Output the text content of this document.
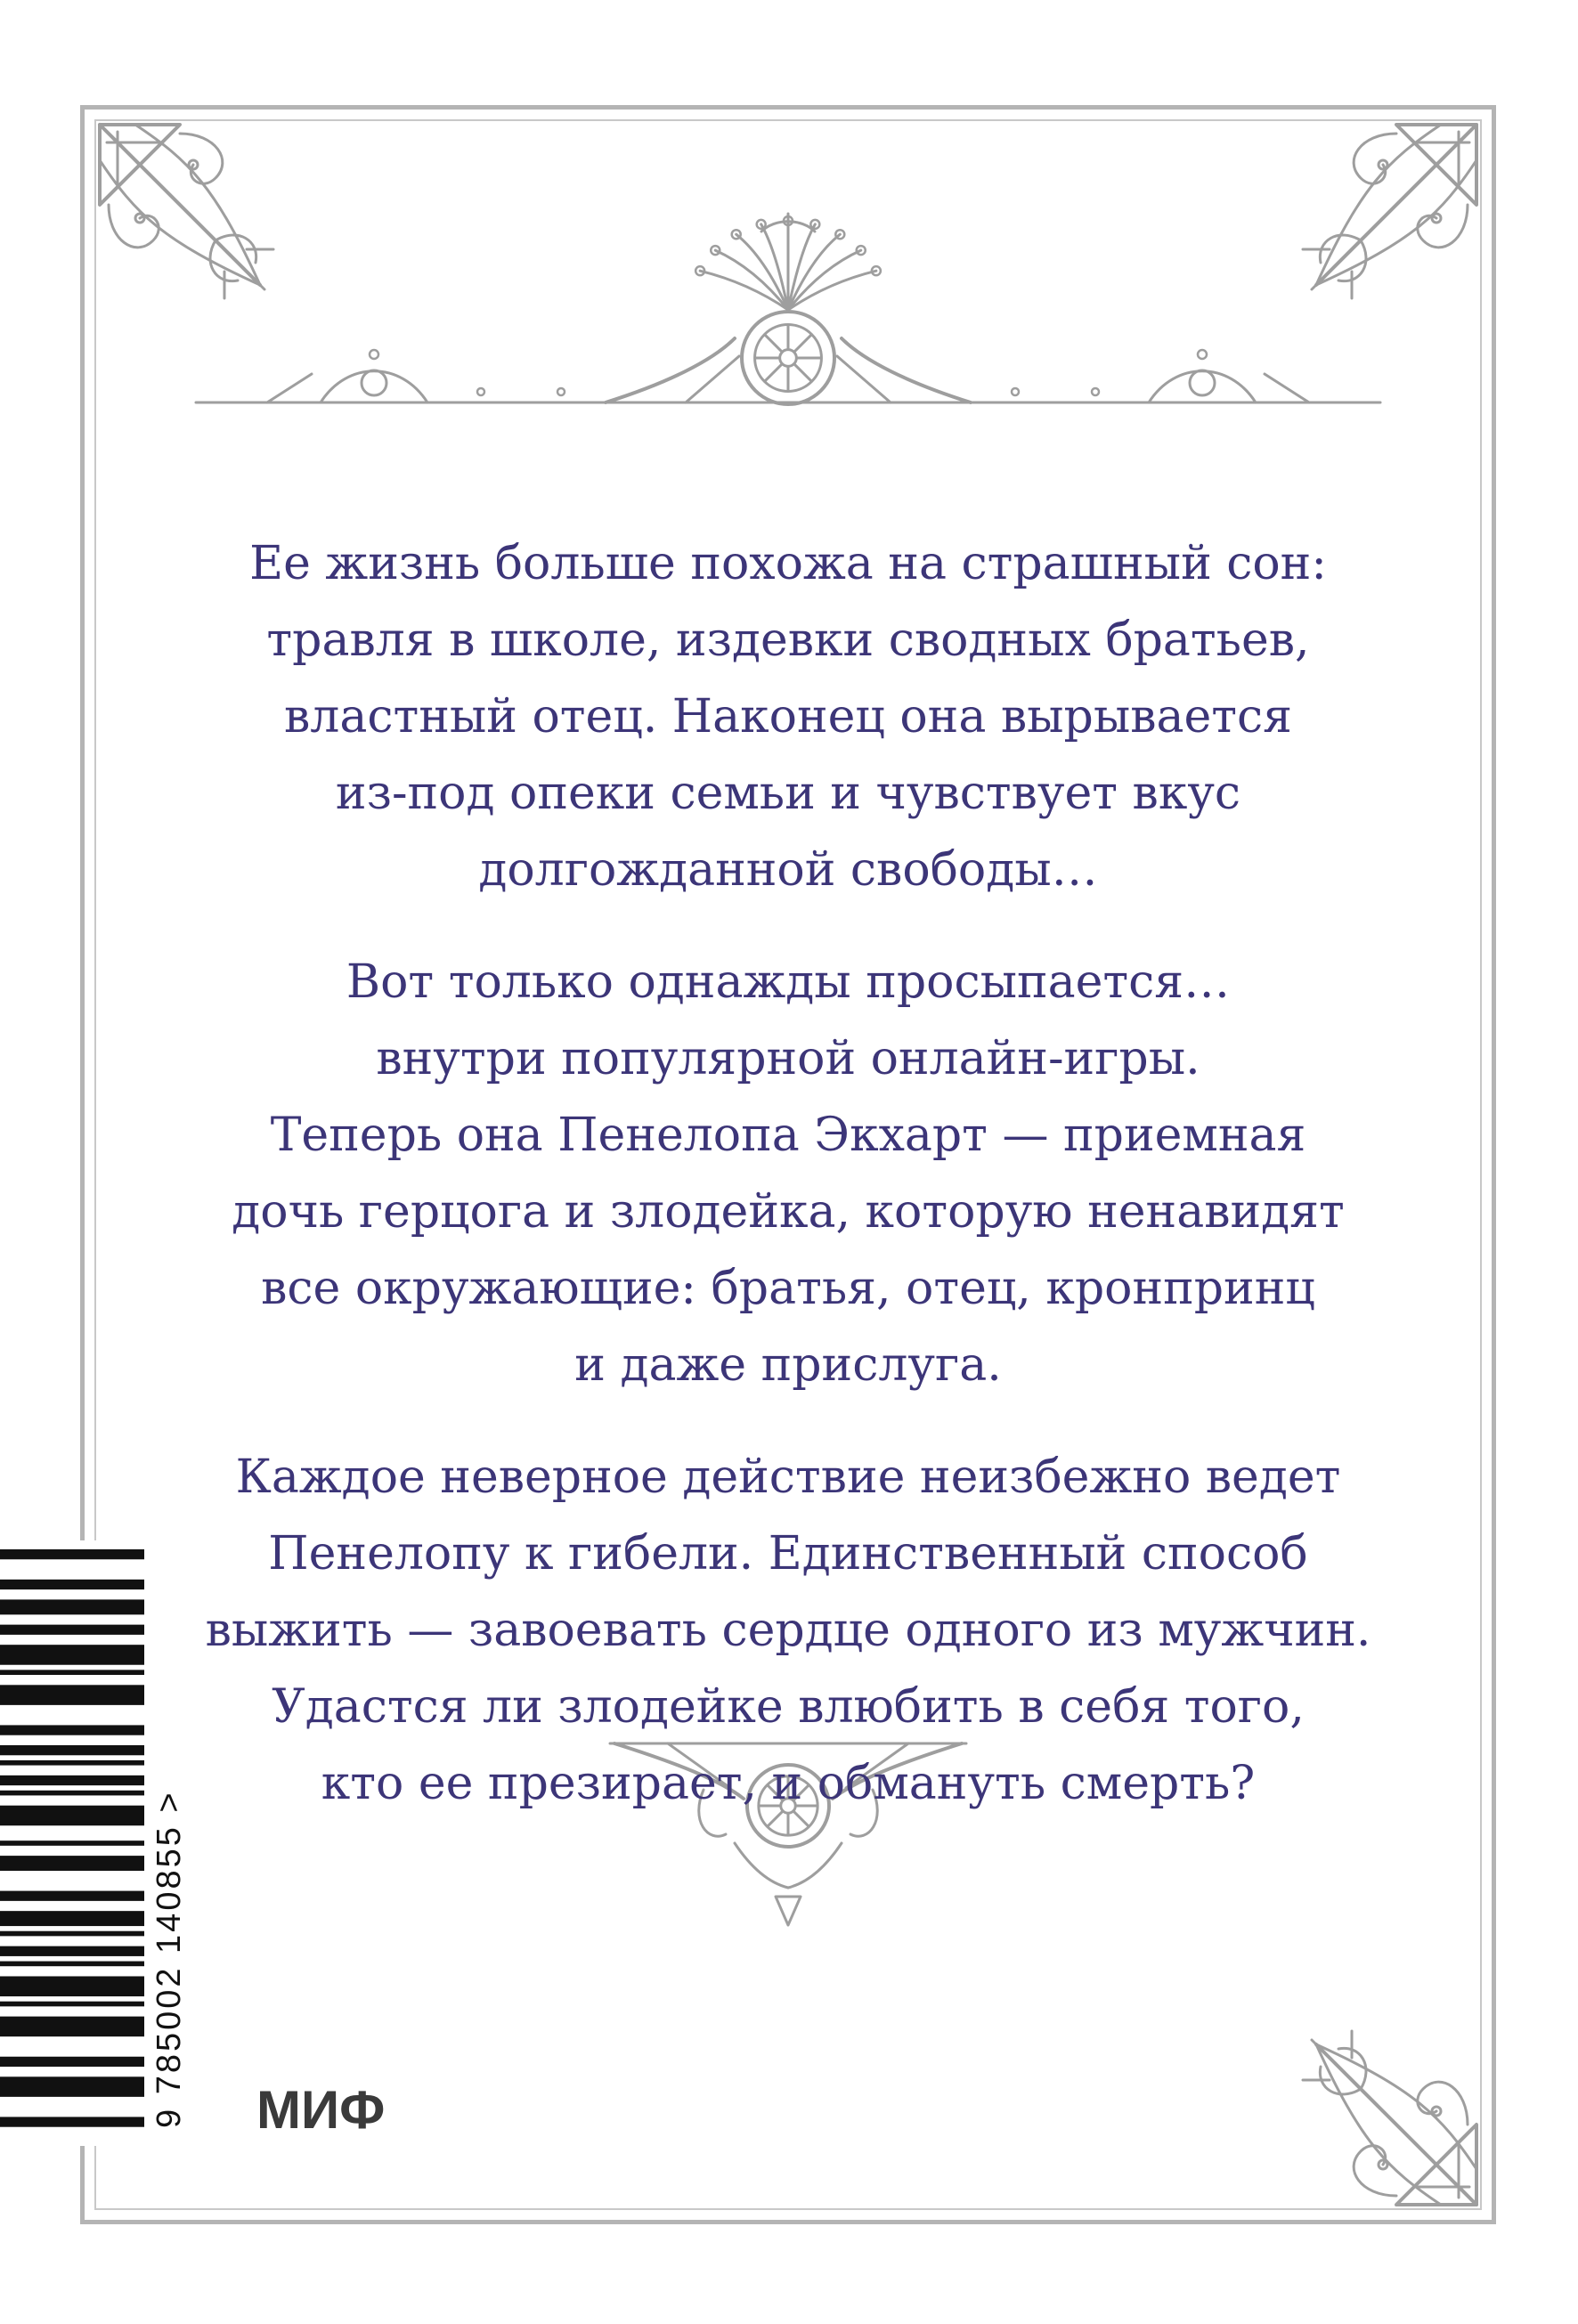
Ее жизнь больше похожа на страшный сон:
травля в школе, издевки сводных братьев,
властный отец. Наконец она вырывается
из-под опеки семьи и чувствует вкус
долгожданной свободы…

Вот только однажды просыпается…
внутри популярной онлайн-игры.
Теперь она Пенелопа Экхарт — приемная
дочь герцога и злодейка, которую ненавидят
все окружающие: братья, отец, кронпринц
и даже прислуга.

Каждое неверное действие неизбежно ведет
Пенелопу к гибели. Единственный способ
выжить — завоевать сердце одного из мужчин.
Удастся ли злодейке влюбить в себя того,
кто ее презирает, и обмануть смерть?

9 785002 140855 > МИФ
